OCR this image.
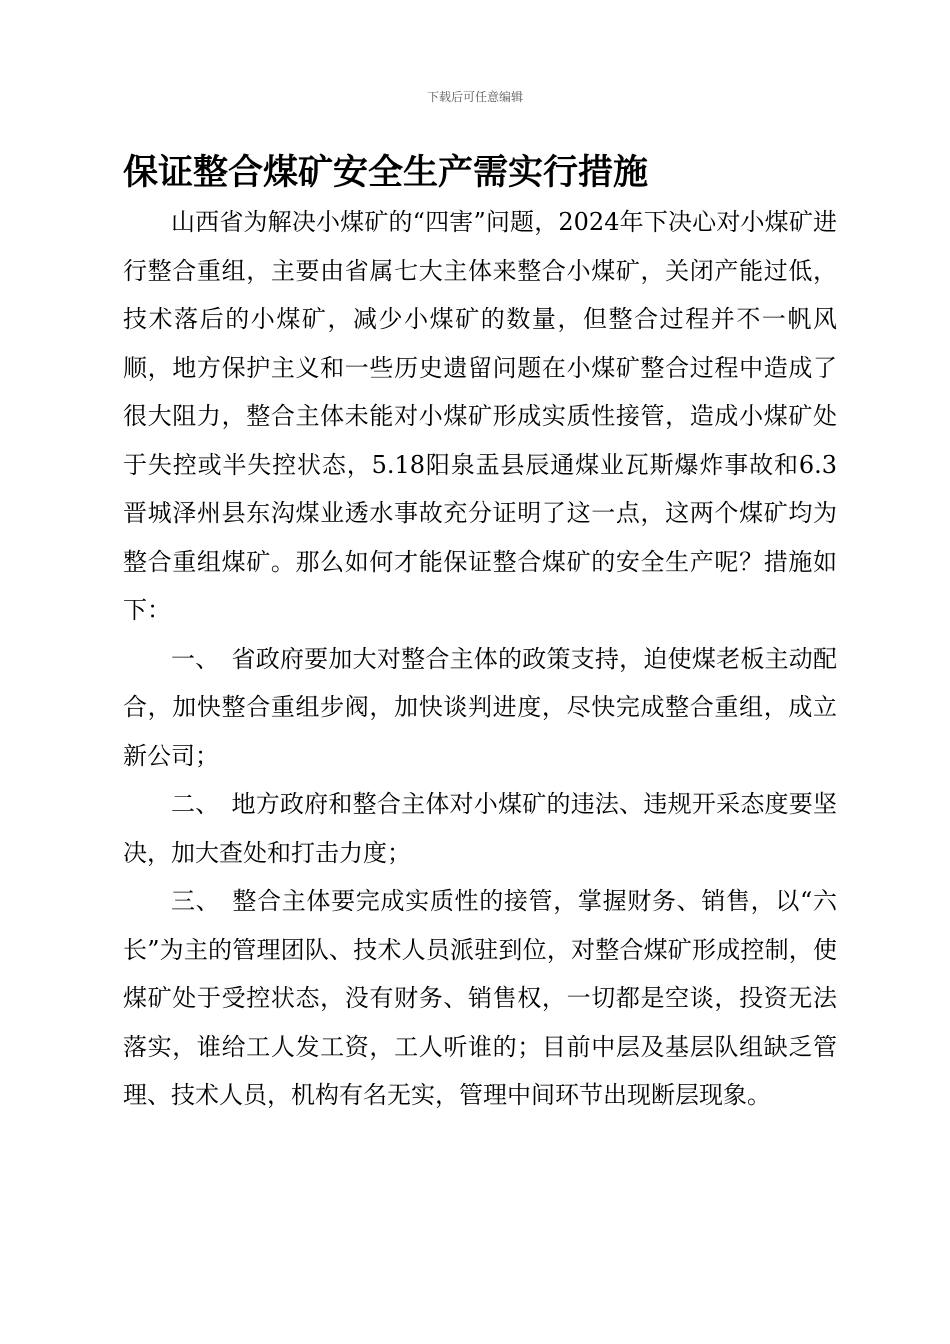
下载后可任意编辑
保证整合煤矿安全生产需实行措施

山西省为解决小煤矿的“四害”问题，2024年下决心对小煤矿进行整合重组，主要由省属七大主体来整合小煤矿，关闭产能过低，技术落后的小煤矿，减少小煤矿的数量，但整合过程并不一帆风顺，地方保护主义和一些历史遗留问题在小煤矿整合过程中造成了很大阻力，整合主体未能对小煤矿形成实质性接管，造成小煤矿处于失控或半失控状态，5.18阳泉盂县辰通煤业瓦斯爆炸事故和6.3晋城泽州县东沟煤业透水事故充分证明了这一点，这两个煤矿均为整合重组煤矿。那么如何才能保证整合煤矿的安全生产呢？措施如下：

一、 省政府要加大对整合主体的政策支持，迫使煤老板主动配合，加快整合重组步阀，加快谈判进度，尽快完成整合重组，成立新公司；

二、 地方政府和整合主体对小煤矿的违法、违规开采态度要坚决，加大查处和打击力度；

三、 整合主体要完成实质性的接管，掌握财务、销售，以“六长”为主的管理团队、技术人员派驻到位，对整合煤矿形成控制，使煤矿处于受控状态，没有财务、销售权，一切都是空谈，投资无法落实，谁给工人发工资，工人听谁的；目前中层及基层队组缺乏管理、技术人员，机构有名无实，管理中间环节出现断层现象。
